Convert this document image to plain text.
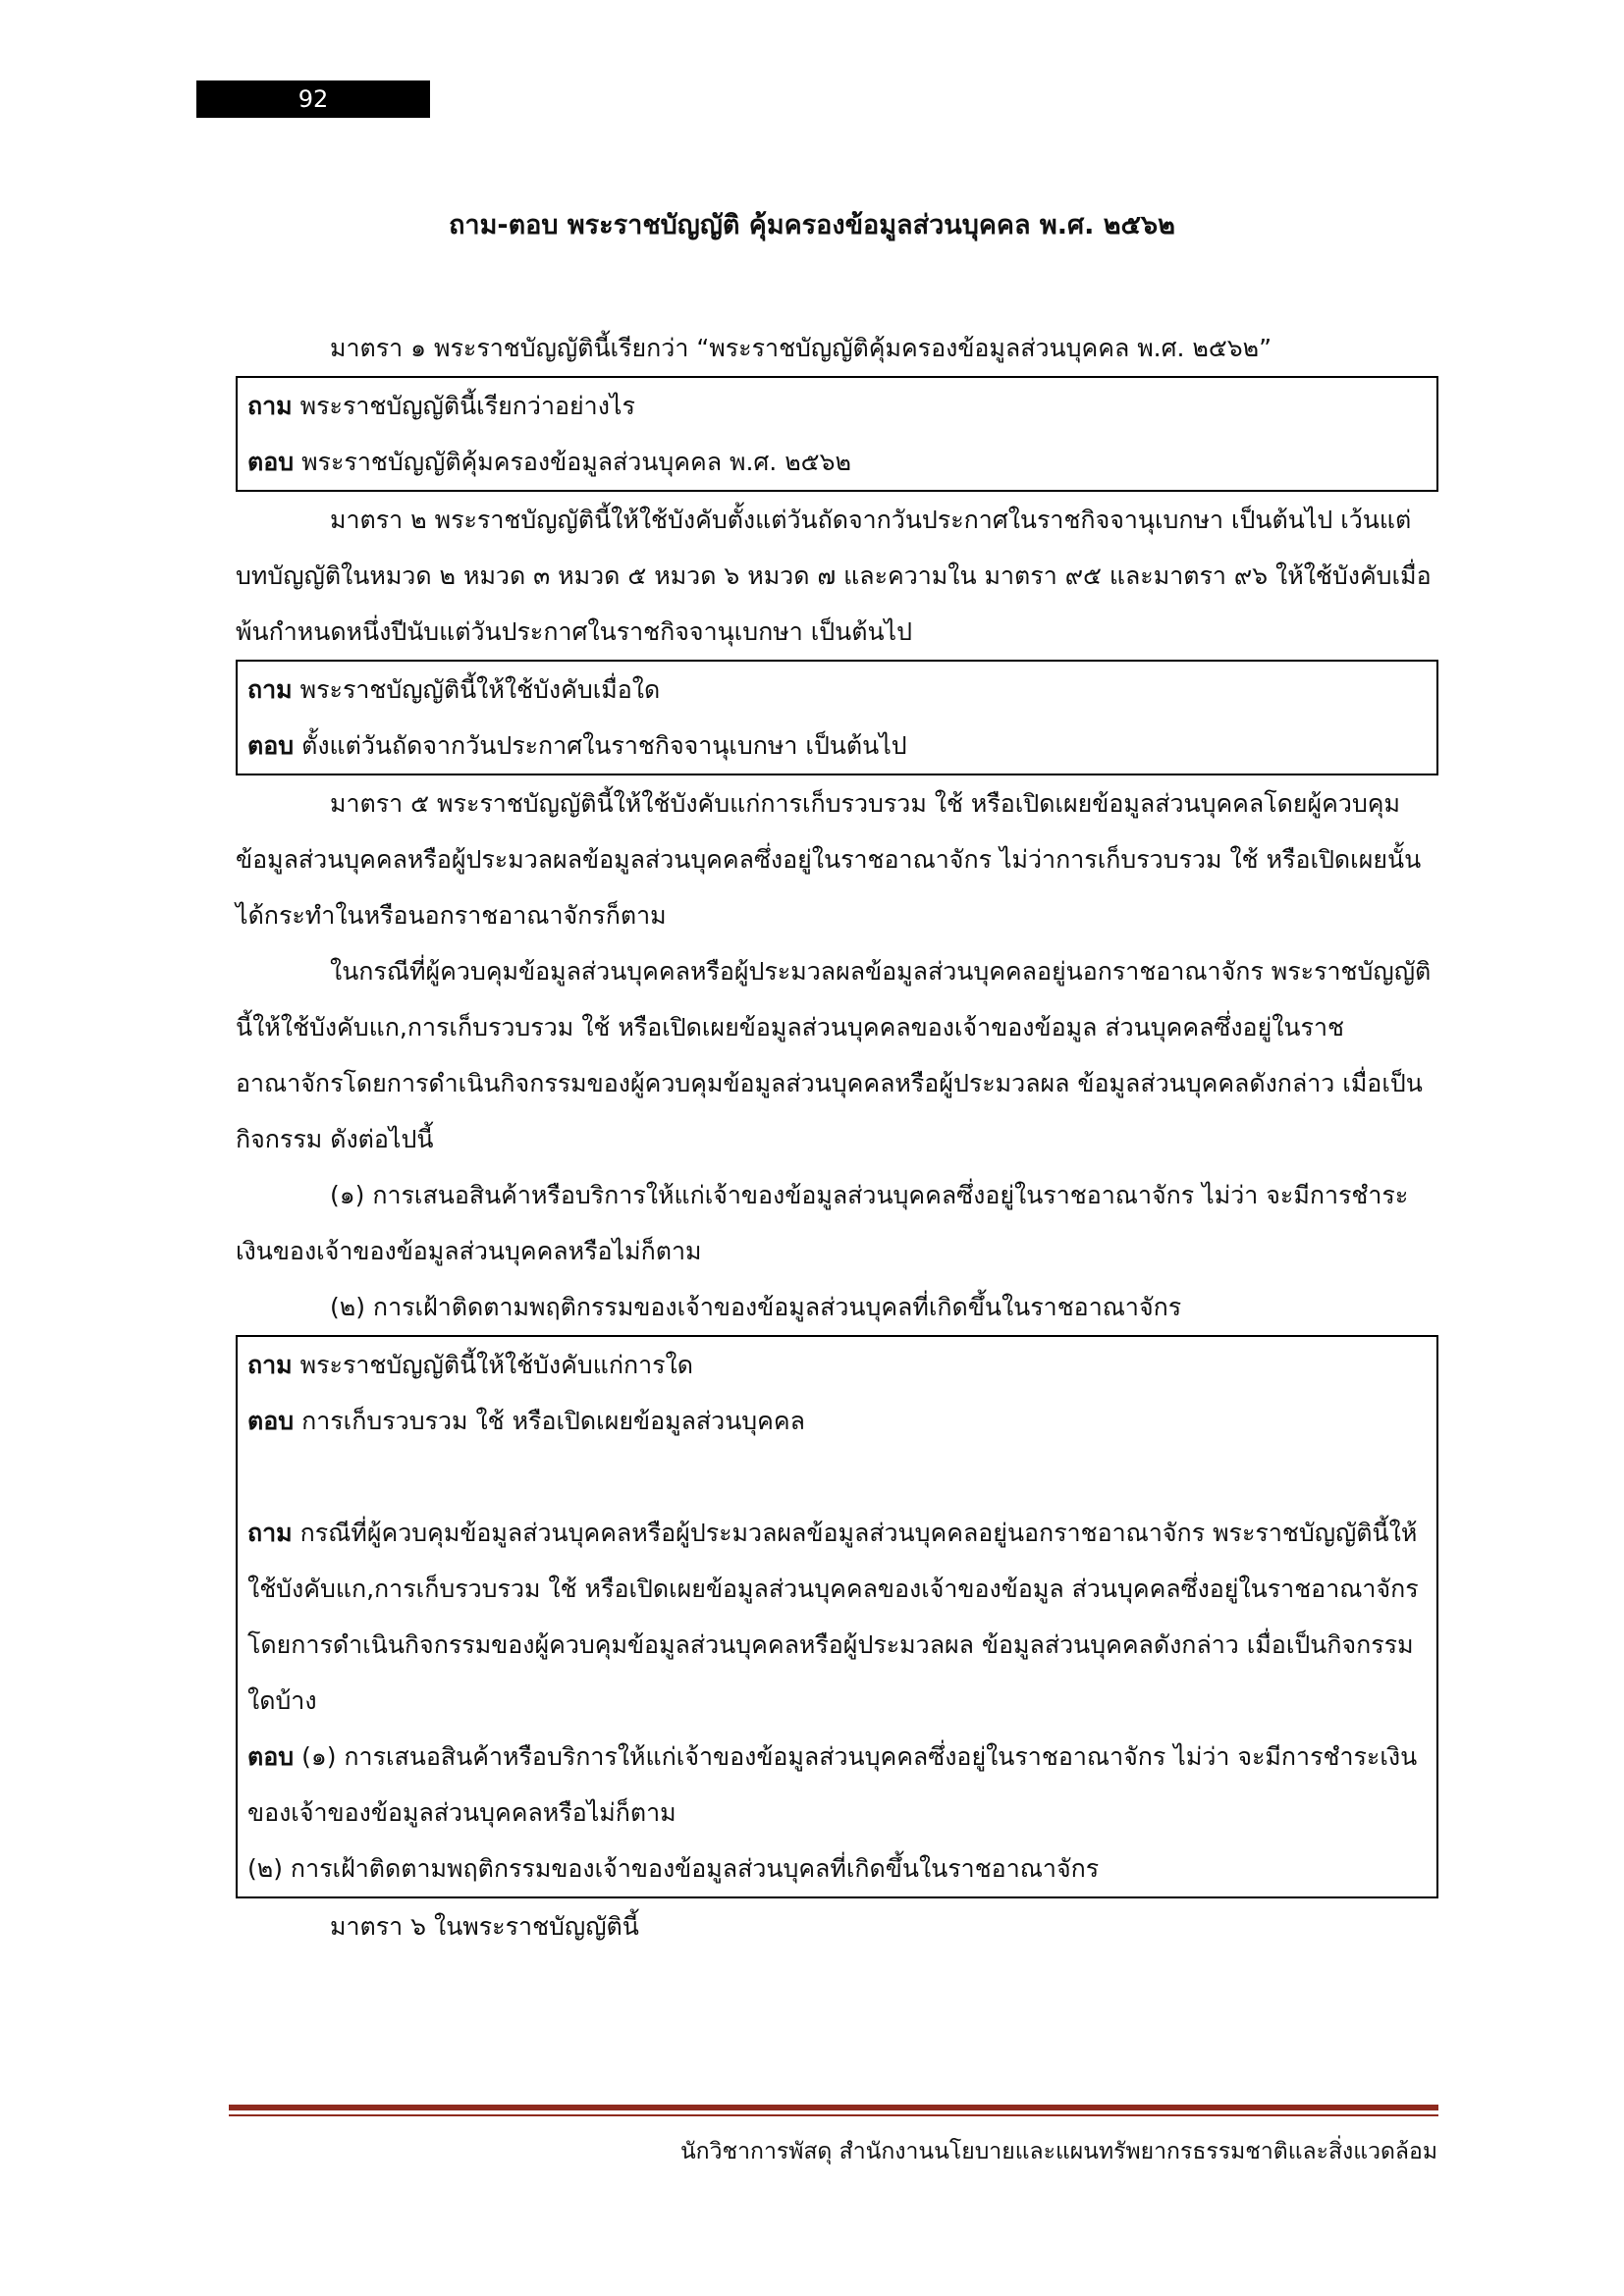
92
ถาม-ตอบ พระราชบัญญัติ คุ้มครองข้อมูลส่วนบุคคล พ.ศ. ๒๕๖๒

มาตรา ๑ พระราชบัญญัตินี้เรียกว่า “พระราชบัญญัติคุ้มครองข้อมูลส่วนบุคคล พ.ศ. ๒๕๖๒”

ถาม พระราชบัญญัตินี้เรียกว่าอย่างไร

ตอบ พระราชบัญญัติคุ้มครองข้อมูลส่วนบุคคล พ.ศ. ๒๕๖๒

มาตรา ๒ พระราชบัญญัตินี้ให้ใช้บังคับตั้งแต่วันถัดจากวันประกาศในราชกิจจานุเบกษา เป็นต้นไป เว้นแต่บทบัญญัติในหมวด ๒ หมวด ๓ หมวด ๕ หมวด ๖ หมวด ๗ และความใน มาตรา ๙๕ และมาตรา ๙๖ ให้ใช้บังคับเมื่อพ้นกำหนดหนึ่งปีนับแต่วันประกาศในราชกิจจานุเบกษา เป็นต้นไป

ถาม พระราชบัญญัตินี้ให้ใช้บังคับเมื่อใด

ตอบ ตั้งแต่วันถัดจากวันประกาศในราชกิจจานุเบกษา เป็นต้นไป

มาตรา ๕ พระราชบัญญัตินี้ให้ใช้บังคับแก่การเก็บรวบรวม ใช้ หรือเปิดเผยข้อมูลส่วนบุคคลโดยผู้ควบคุมข้อมูลส่วนบุคคลหรือผู้ประมวลผลข้อมูลส่วนบุคคลซึ่งอยู่ในราชอาณาจักร ไม่ว่าการเก็บรวบรวม ใช้ หรือเปิดเผยนั้น ได้กระทำในหรือนอกราชอาณาจักรก็ตาม

ในกรณีที่ผู้ควบคุมข้อมูลส่วนบุคคลหรือผู้ประมวลผลข้อมูลส่วนบุคคลอยู่นอกราชอาณาจักร พระราชบัญญัตินี้ให้ใช้บังคับแก,การเก็บรวบรวม ใช้ หรือเปิดเผยข้อมูลส่วนบุคคลของเจ้าของข้อมูล ส่วนบุคคลซึ่งอยู่ในราชอาณาจักรโดยการดำเนินกิจกรรมของผู้ควบคุมข้อมูลส่วนบุคคลหรือผู้ประมวลผล ข้อมูลส่วนบุคคลดังกล่าว เมื่อเป็นกิจกรรม ดังต่อไปนี้

(๑) การเสนอสินค้าหรือบริการให้แก่เจ้าของข้อมูลส่วนบุคคลซึ่งอยู่ในราชอาณาจักร ไม่ว่า จะมีการชำระเงินของเจ้าของข้อมูลส่วนบุคคลหรือไม่ก็ตาม

(๒) การเฝ้าติดตามพฤติกรรมของเจ้าของข้อมูลส่วนบุคลที่เกิดขึ้นในราชอาณาจักร

ถาม พระราชบัญญัตินี้ให้ใช้บังคับแก่การใด

ตอบ การเก็บรวบรวม ใช้ หรือเปิดเผยข้อมูลส่วนบุคคล

ถาม กรณีที่ผู้ควบคุมข้อมูลส่วนบุคคลหรือผู้ประมวลผลข้อมูลส่วนบุคคลอยู่นอกราชอาณาจักร พระราชบัญญัตินี้ให้ใช้บังคับแก,การเก็บรวบรวม ใช้ หรือเปิดเผยข้อมูลส่วนบุคคลของเจ้าของข้อมูล ส่วนบุคคลซึ่งอยู่ในราชอาณาจักรโดยการดำเนินกิจกรรมของผู้ควบคุมข้อมูลส่วนบุคคลหรือผู้ประมวลผล ข้อมูลส่วนบุคคลดังกล่าว เมื่อเป็นกิจกรรมใดบ้าง

ตอบ (๑) การเสนอสินค้าหรือบริการให้แก่เจ้าของข้อมูลส่วนบุคคลซึ่งอยู่ในราชอาณาจักร ไม่ว่า จะมีการชำระเงินของเจ้าของข้อมูลส่วนบุคคลหรือไม่ก็ตาม

(๒) การเฝ้าติดตามพฤติกรรมของเจ้าของข้อมูลส่วนบุคลที่เกิดขึ้นในราชอาณาจักร

มาตรา ๖ ในพระราชบัญญัตินี้

นักวิชาการพัสดุ สำนักงานนโยบายและแผนทรัพยากรธรรมชาติและสิ่งแวดล้อม
